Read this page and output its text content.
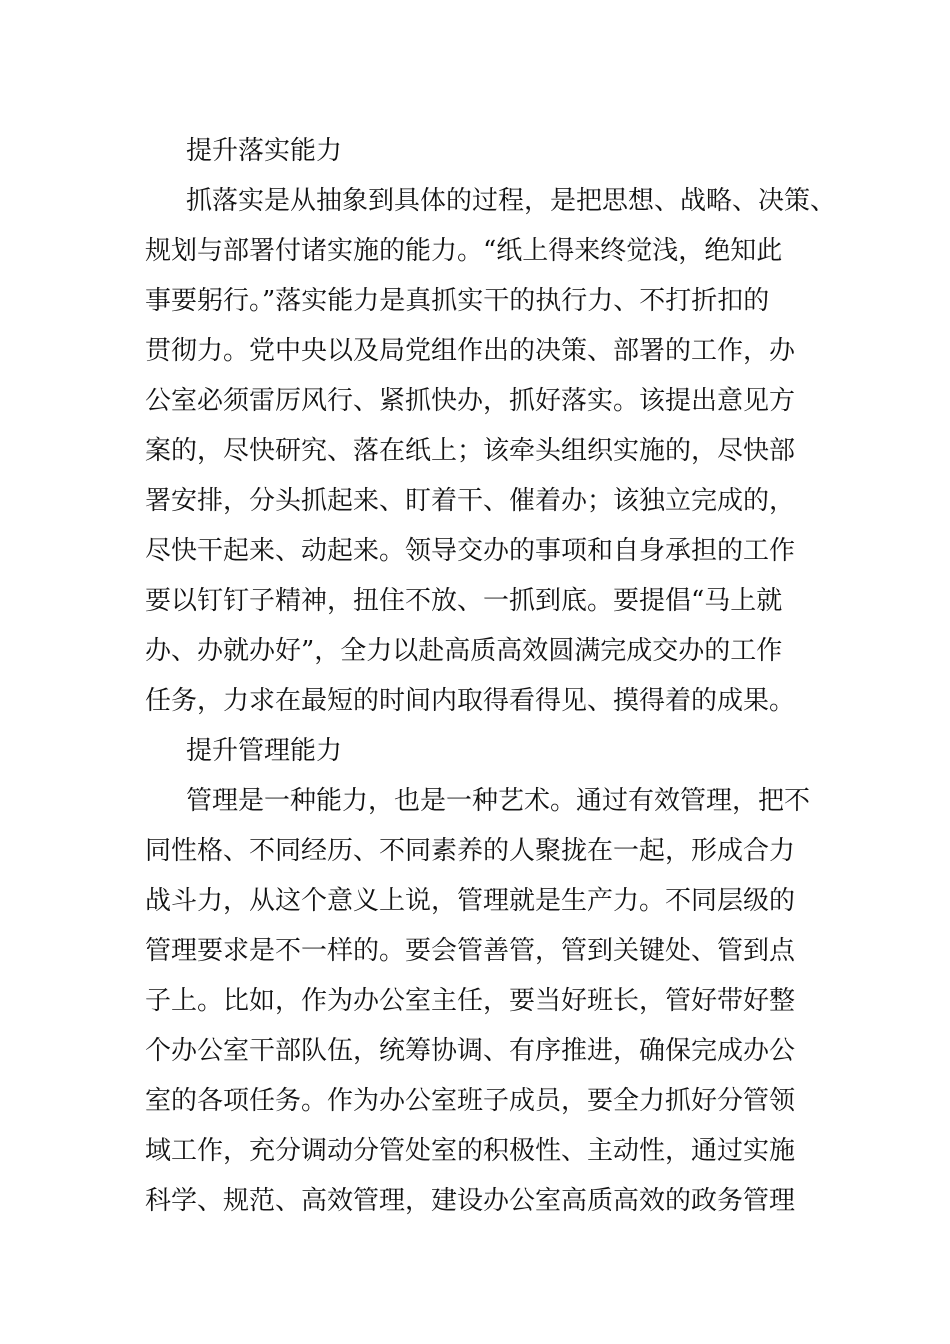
提升落实能力
抓落实是从抽象到具体的过程，是把思想、战略、决策、
规划与部署付诸实施的能力。“纸上得来终觉浅，绝知此
事要躬行。”落实能力是真抓实干的执行力、不打折扣的
贯彻力。党中央以及局党组作出的决策、部署的工作，办
公室必须雷厉风行、紧抓快办，抓好落实。该提出意见方
案的，尽快研究、落在纸上；该牵头组织实施的，尽快部
署安排，分头抓起来、盯着干、催着办；该独立完成的，
尽快干起来、动起来。领导交办的事项和自身承担的工作
要以钉钉子精神，扭住不放、一抓到底。要提倡“马上就
办、办就办好”，全力以赴高质高效圆满完成交办的工作
任务，力求在最短的时间内取得看得见、摸得着的成果。
提升管理能力
管理是一种能力，也是一种艺术。通过有效管理，把不
同性格、不同经历、不同素养的人聚拢在一起，形成合力
战斗力，从这个意义上说，管理就是生产力。不同层级的
管理要求是不一样的。要会管善管，管到关键处、管到点
子上。比如，作为办公室主任，要当好班长，管好带好整
个办公室干部队伍，统筹协调、有序推进，确保完成办公
室的各项任务。作为办公室班子成员，要全力抓好分管领
域工作，充分调动分管处室的积极性、主动性，通过实施
科学、规范、高效管理，建设办公室高质高效的政务管理
